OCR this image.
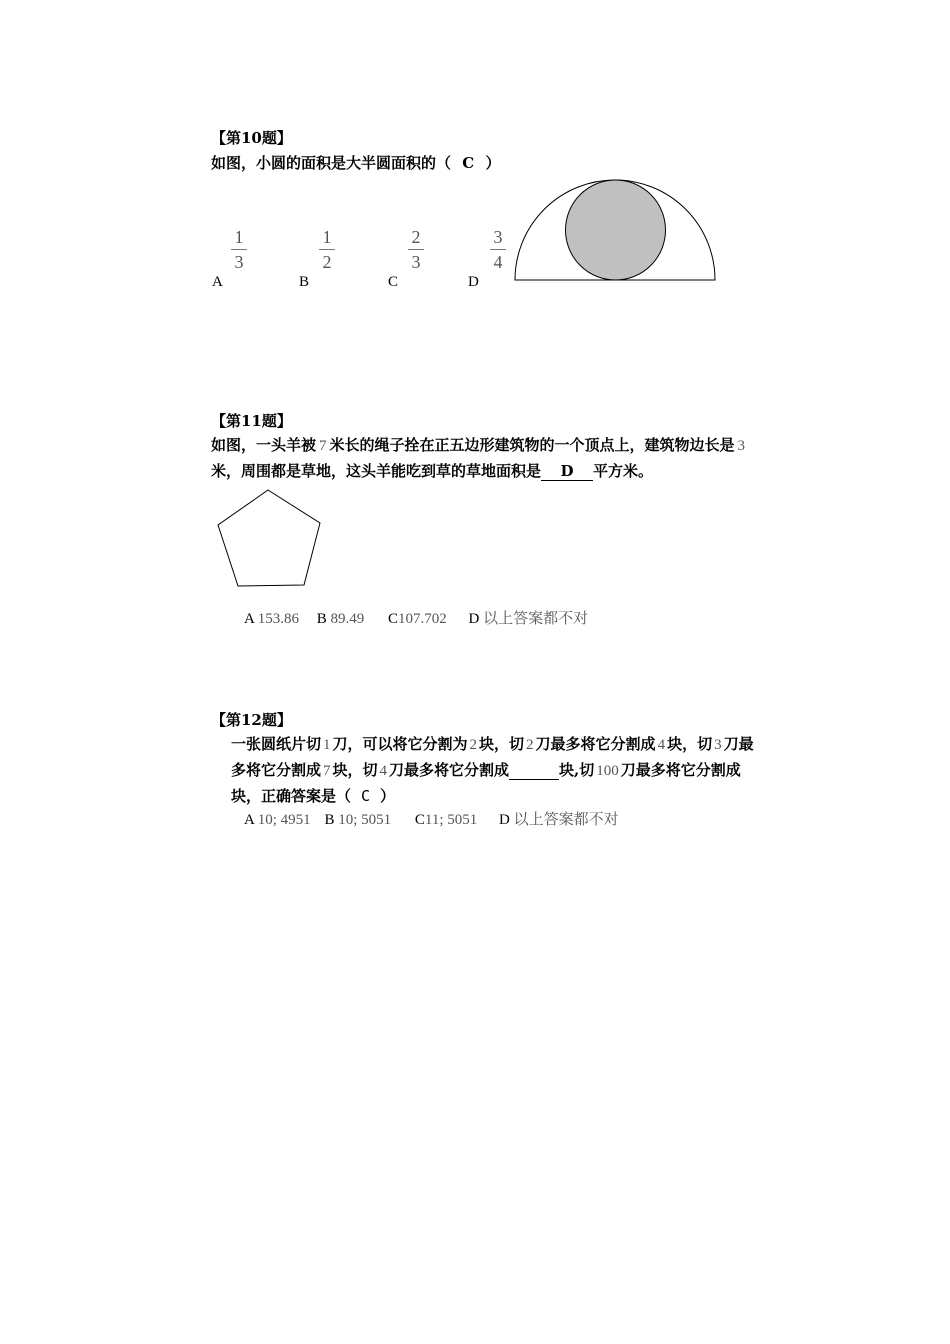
【第10题】
如图，小圆的面积是大半圆面积的（ C ）
1
3
1
2
2
3
3
4
A	B	C	D
【第11题】
如图，一头羊被 7 米长的绳子拴在正五边形建筑物的一个顶点上，建筑物边长是 3
米，周围都是草地，这头羊能吃到草的草地面积是 D 平方米。
A 153.86 B 89.49 C107.702 D 以上答案都不对
【第12题】
一张圆纸片切 1 刀，可以将它分割为 2 块，切 2 刀最多将它分割成 4 块，切 3 刀最
多将它分割成 7 块，切 4 刀最多将它分割成	块,切 100 刀最多将它分割成
块，正确答案是（ C ）
A 10; 4951 B 10; 5051 C11; 5051 D 以上答案都不对
